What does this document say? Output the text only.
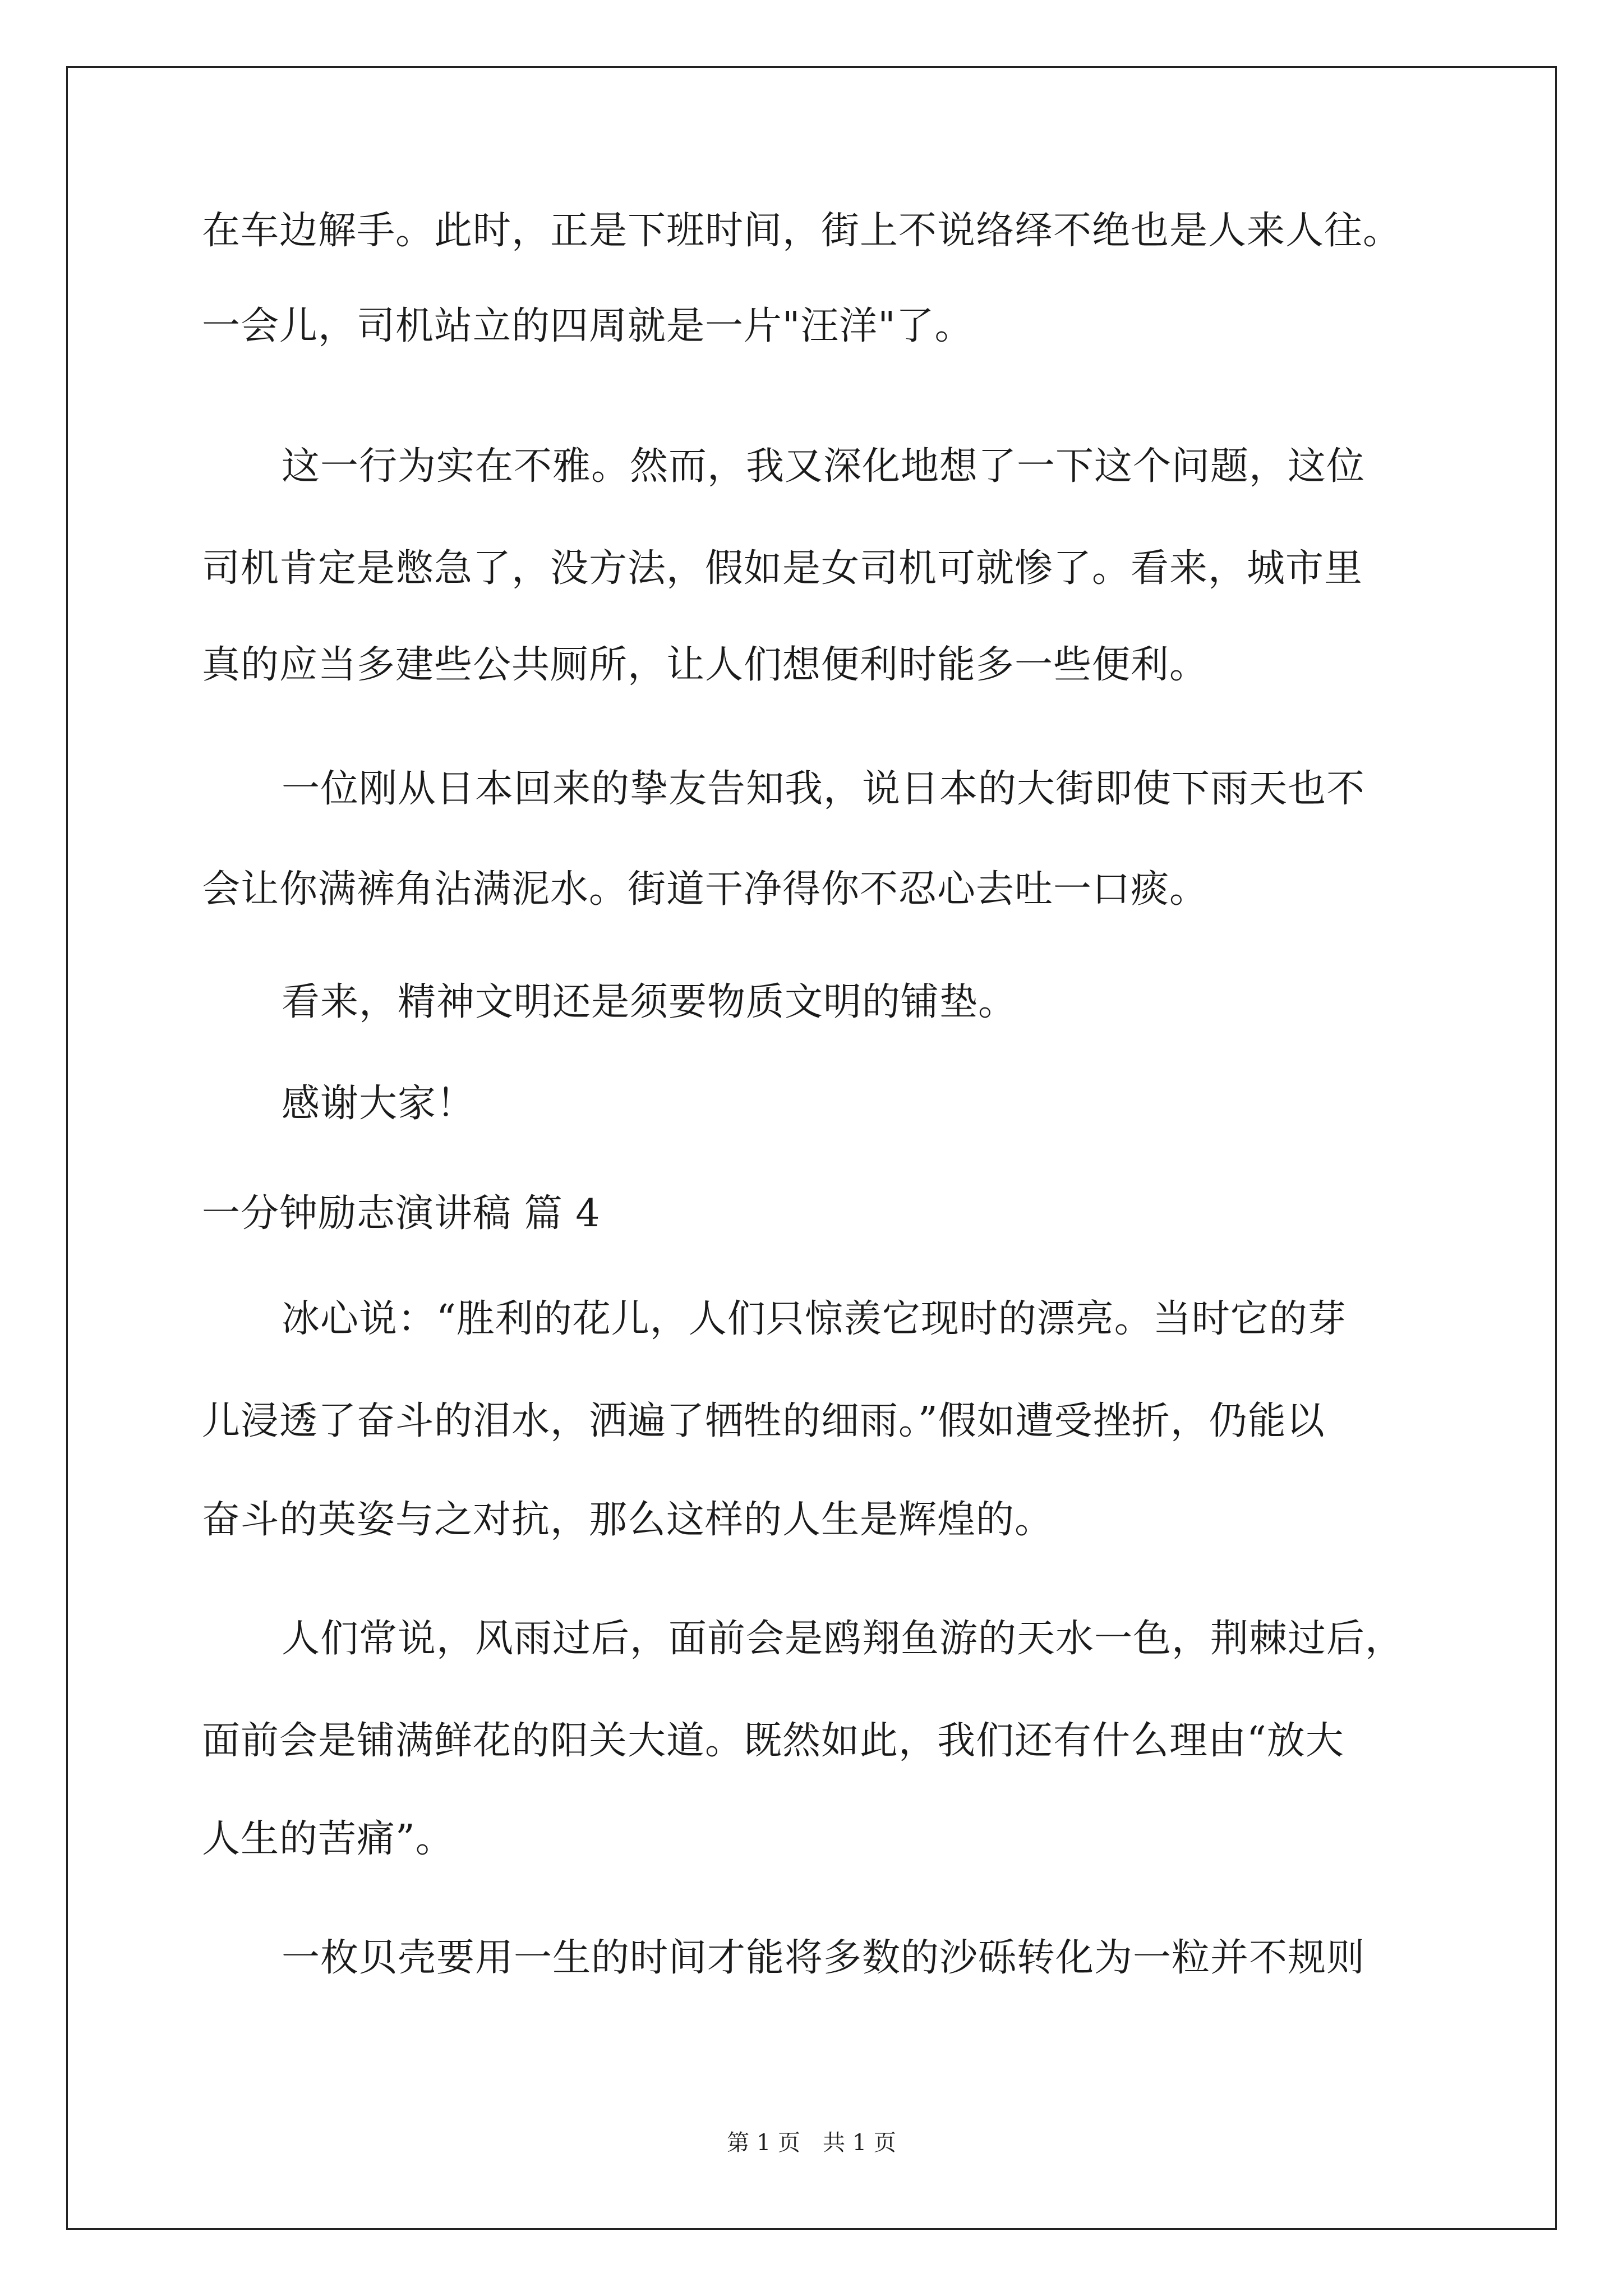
在车边解手。此时，正是下班时间，街上不说络绎不绝也是人来人往。
一会儿，司机站立的四周就是一片"汪洋"了。
这一行为实在不雅。然而，我又深化地想了一下这个问题，这位
司机肯定是憋急了，没方法，假如是女司机可就惨了。看来，城市里
真的应当多建些公共厕所，让人们想便利时能多一些便利。
一位刚从日本回来的挚友告知我，说日本的大街即使下雨天也不
会让你满裤角沾满泥水。街道干净得你不忍心去吐一口痰。
看来，精神文明还是须要物质文明的铺垫。
感谢大家！
一分钟励志演讲稿 篇 4
冰心说：“胜利的花儿，人们只惊羡它现时的漂亮。当时它的芽
儿浸透了奋斗的泪水，洒遍了牺牲的细雨。”假如遭受挫折，仍能以
奋斗的英姿与之对抗，那么这样的人生是辉煌的。
人们常说，风雨过后，面前会是鸥翔鱼游的天水一色，荆棘过后，
面前会是铺满鲜花的阳关大道。既然如此，我们还有什么理由“放大
人生的苦痛”。
一枚贝壳要用一生的时间才能将多数的沙砾转化为一粒并不规则
第 1 页　共 1 页
